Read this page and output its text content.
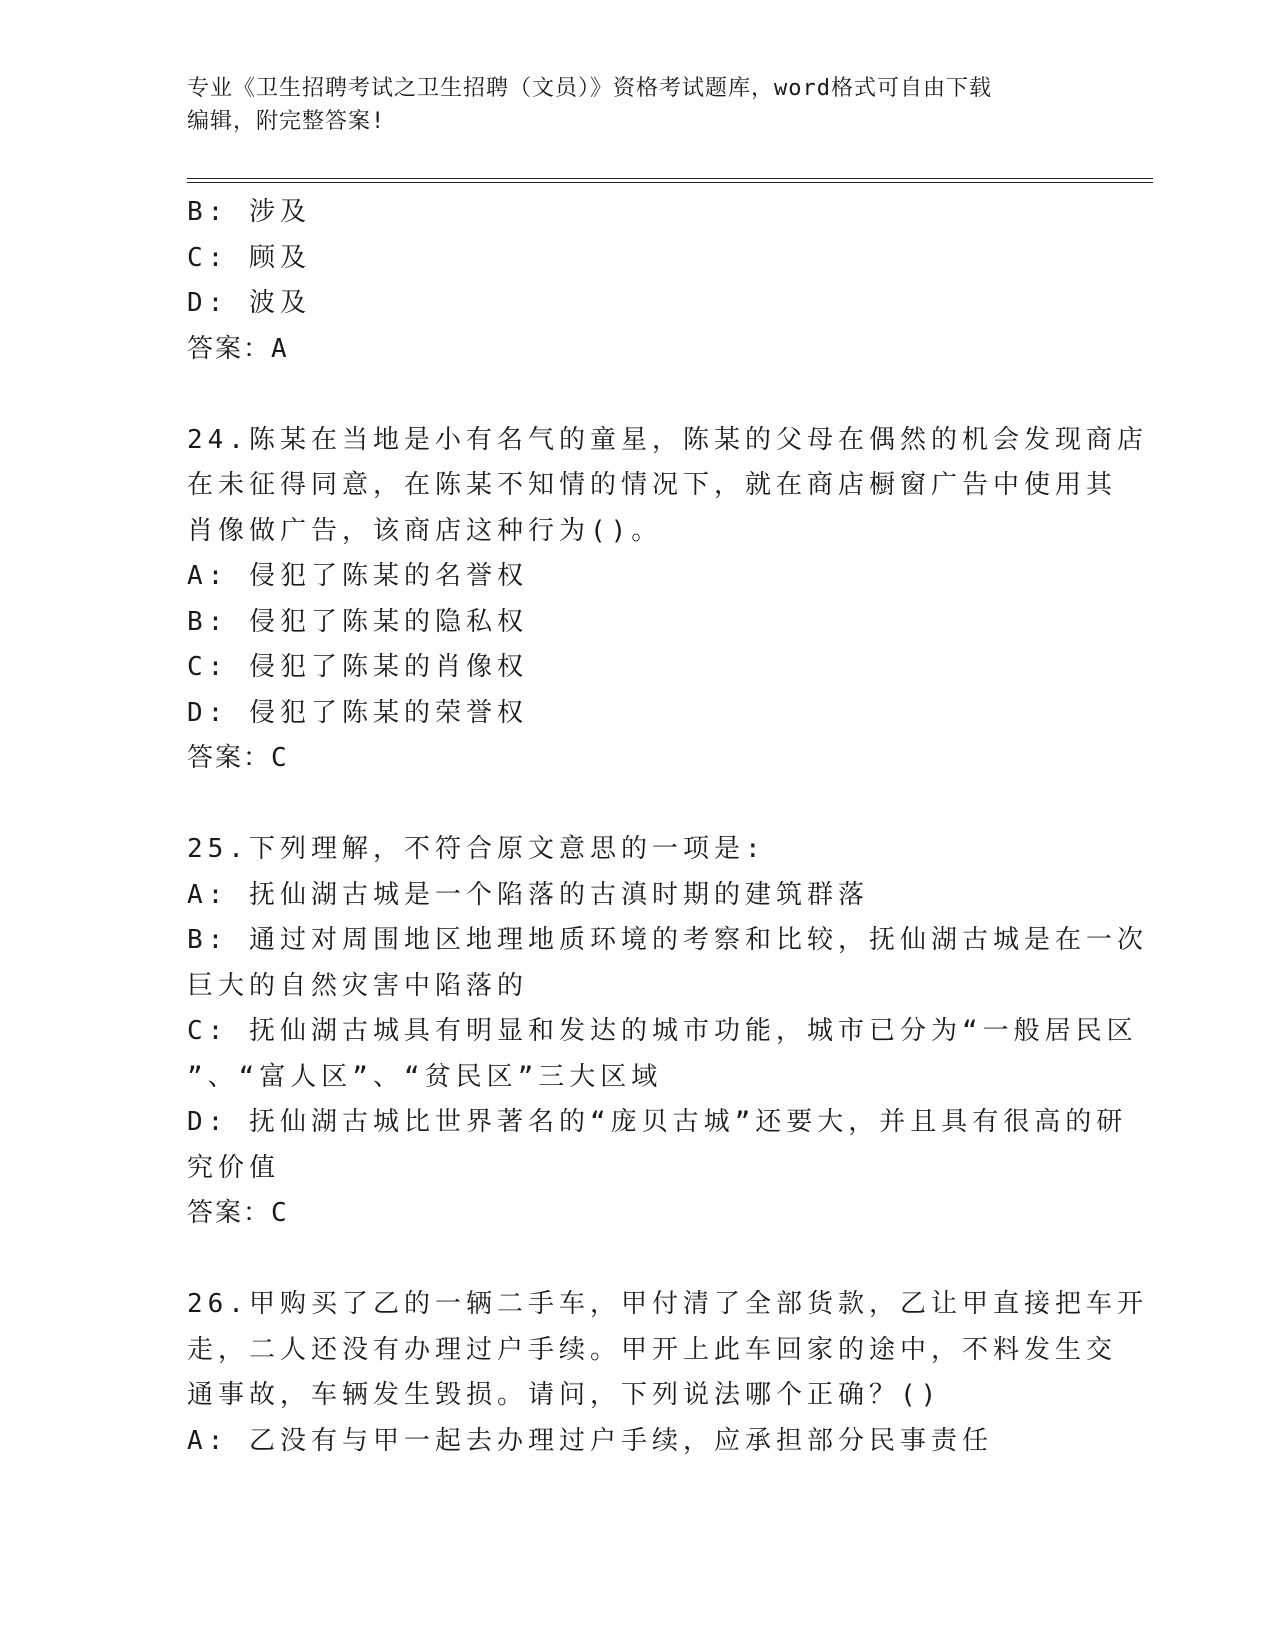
专业《卫生招聘考试之卫生招聘（文员）》资格考试题库，word格式可自由下载
编辑，附完整答案!
B: 涉及
C: 顾及
D: 波及
答案：A
24.陈某在当地是小有名气的童星，陈某的父母在偶然的机会发现商店
在未征得同意，在陈某不知情的情况下，就在商店橱窗广告中使用其
肖像做广告，该商店这种行为()。
A: 侵犯了陈某的名誉权
B: 侵犯了陈某的隐私权
C: 侵犯了陈某的肖像权
D: 侵犯了陈某的荣誉权
答案：C
25.下列理解，不符合原文意思的一项是:
A: 抚仙湖古城是一个陷落的古滇时期的建筑群落
B: 通过对周围地区地理地质环境的考察和比较，抚仙湖古城是在一次
巨大的自然灾害中陷落的
C: 抚仙湖古城具有明显和发达的城市功能，城市已分为“一般居民区
”、“富人区”、“贫民区”三大区域
D: 抚仙湖古城比世界著名的“庞贝古城”还要大，并且具有很高的研
究价值
答案：C
26.甲购买了乙的一辆二手车，甲付清了全部货款，乙让甲直接把车开
走，二人还没有办理过户手续。甲开上此车回家的途中，不料发生交
通事故，车辆发生毁损。请问，下列说法哪个正确？()
A: 乙没有与甲一起去办理过户手续，应承担部分民事责任
